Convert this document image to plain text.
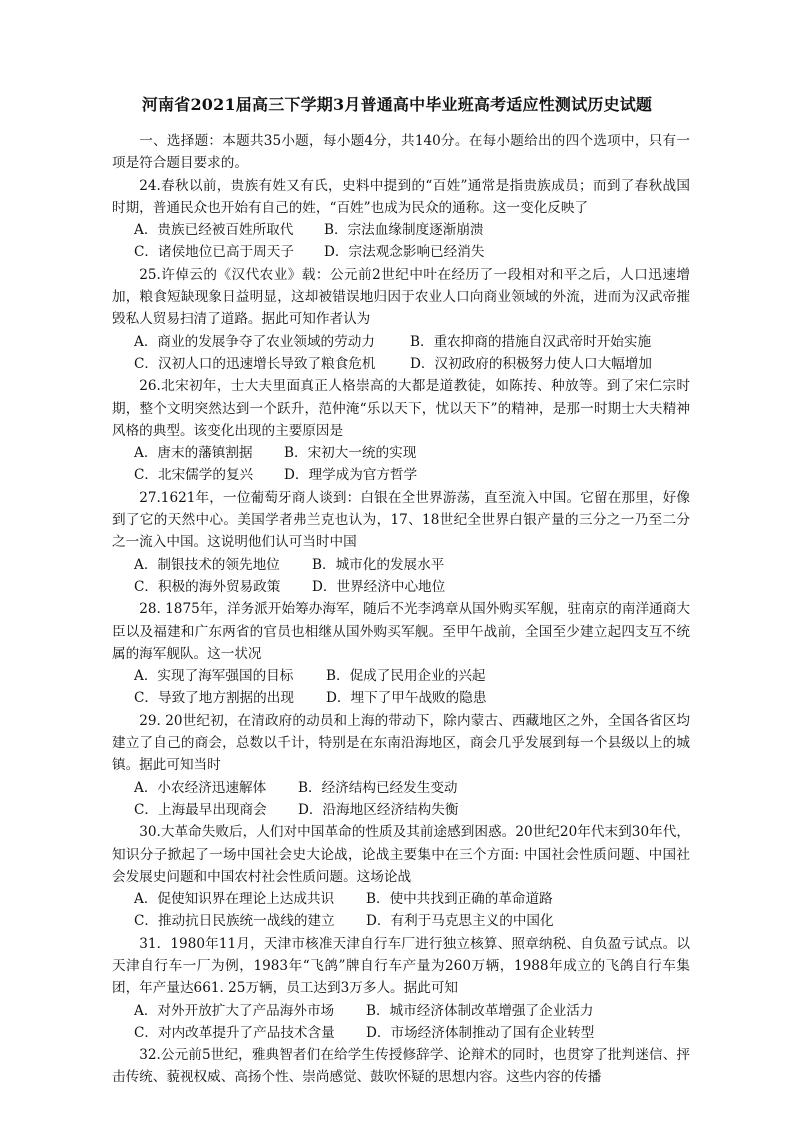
河南省2021届高三下学期3月普通高中毕业班高考适应性测试历史试题

一、选择题：本题共35小题，每小题4分，共140分。在每小题给出的四个选项中，只有一项是符合题目要求的。

24.春秋以前，贵族有姓又有氏，史料中提到的“百姓”通常是指贵族成员；而到了春秋战国时期，普通民众也开始有自己的姓，“百姓”也成为民众的通称。这一变化反映了

A．贵族已经被百姓所取代	B．宗法血缘制度逐渐崩溃
C．诸侯地位已高于周天子	D．宗法观念影响已经消失

25.许倬云的《汉代农业》载：公元前2世纪中叶在经历了一段相对和平之后，人口迅速增加，粮食短缺现象日益明显，这却被错误地归因于农业人口向商业领域的外流，进而为汉武帝摧毁私人贸易扫清了道路。据此可知作者认为

A．商业的发展争夺了农业领域的劳动力	B．重农抑商的措施自汉武帝时开始实施
C．汉初人口的迅速增长导致了粮食危机	D．汉初政府的积极努力使人口大幅增加

26.北宋初年，士大夫里面真正人格崇高的大都是道教徒，如陈抟、种放等。到了宋仁宗时期，整个文明突然达到一个跃升，范仲淹“乐以天下，忧以天下”的精神，是那一时期士大夫精神风格的典型。该变化出现的主要原因是

A．唐末的藩镇割据	B．宋初大一统的实现
C．北宋儒学的复兴	D．理学成为官方哲学

27.1621年，一位葡萄牙商人谈到：白银在全世界游荡，直至流入中国。它留在那里，好像到了它的天然中心。美国学者弗兰克也认为，17、18世纪全世界白银产量的三分之一乃至二分之一流入中国。这说明他们认可当时中国

A．制银技术的领先地位	B．城市化的发展水平
C．积极的海外贸易政策	D．世界经济中心地位

28. 1875年，洋务派开始筹办海军，随后不光李鸿章从国外购买军舰，驻南京的南洋通商大臣以及福建和广东两省的官员也相继从国外购买军舰。至甲午战前，全国至少建立起四支互不统属的海军舰队。这一状况

A．实现了海军强国的目标	B．促成了民用企业的兴起
C．导致了地方割据的出现	D．埋下了甲午战败的隐患

29. 20世纪初，在清政府的动员和上海的带动下，除内蒙古、西藏地区之外，全国各省区均建立了自己的商会，总数以千计，特别是在东南沿海地区，商会几乎发展到每一个县级以上的城镇。据此可知当时

A．小农经济迅速解体	B．经济结构已经发生变动
C．上海最早出现商会	D．沿海地区经济结构失衡

30.大革命失败后，人们对中国革命的性质及其前途感到困惑。20世纪20年代末到30年代，知识分子掀起了一场中国社会史大论战，论战主要集中在三个方面: 中国社会性质问题、中国社会发展史问题和中国农村社会性质问题。这场论战

A．促使知识界在理论上达成共识	B．使中共找到正确的革命道路
C．推动抗日民族统一战线的建立	D．有利于马克思主义的中国化

31．1980年11月，天津市核准天津自行车厂进行独立核算、照章纳税、自负盈亏试点。以天津自行车一厂为例，1983年“飞鸽”牌自行车产量为260万辆，1988年成立的飞鸽自行车集团，年产量达661. 25万辆，员工达到3万多人。据此可知

A．对外开放扩大了产品海外市场	B．城市经济体制改革增强了企业活力
C．对内改革提升了产品技术含量	D．市场经济体制推动了国有企业转型

32.公元前5世纪，雅典智者们在给学生传授修辞学、论辩术的同时，也贯穿了批判迷信、抨击传统、藐视权威、高扬个性、崇尚感觉、鼓吹怀疑的思想内容。这些内容的传播
